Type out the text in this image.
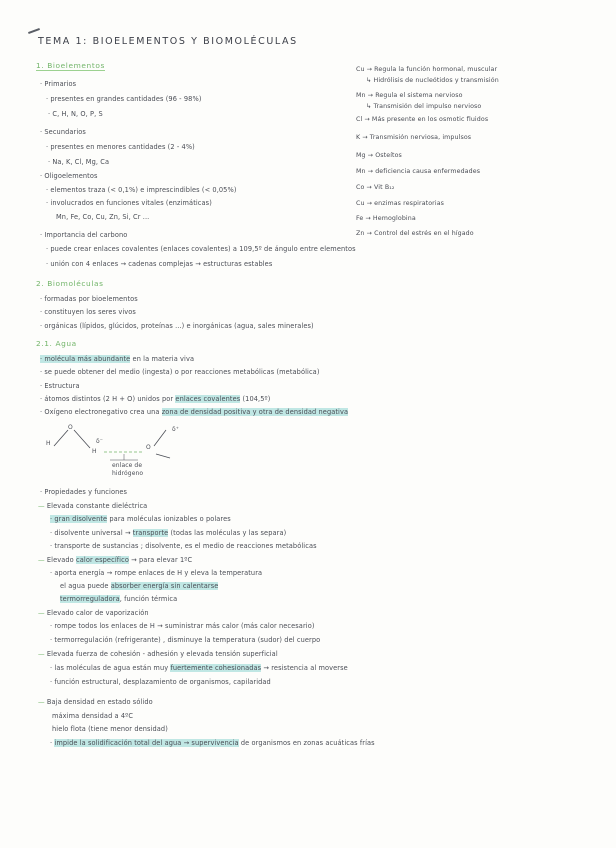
TEMA 1: BIOELEMENTOS Y BIOMOLÉCULAS
1. Bioelementos
· Primarios
· presentes en grandes cantidades (96 - 98%)
· C, H, N, O, P, S
· Secundarios
· presentes en menores cantidades (2 - 4%)
· Na, K, Cl, Mg, Ca
· Oligoelementos
· elementos traza (< 0,1%) e imprescindibles (< 0,05%)
· involucrados en funciones vitales (enzimáticas)
Mn, Fe, Co, Cu, Zn, Si, Cr ...
· Importancia del carbono
· puede crear enlaces covalentes (enlaces covalentes) a 109,5º de ángulo entre elementos
· unión con 4 enlaces → cadenas complejas → estructuras estables
2. Biomoléculas
· formadas por bioelementos
· constituyen los seres vivos
· orgánicas (lípidos, glúcidos, proteínas ...) e inorgánicas (agua, sales minerales)
2.1. Agua
· molécula más abundante en la materia viva
· se puede obtener del medio (ingesta) o por reacciones metabólicas (metabólica)
· Estructura
· átomos distintos (2 H + O) unidos por enlaces covalentes (104,5º)
· Oxígeno electronegativo crea una zona de densidad positiva y otra de densidad negativa
H
O
δ⁻
H
O
δ⁺
enlace de
hidrógeno
· Propiedades y funciones
— Elevada constante dieléctrica
· gran disolvente para moléculas ionizables o polares
· disolvente universal → transporte (todas las moléculas y las separa)
· transporte de sustancias ; disolvente, es el medio de reacciones metabólicas
— Elevado calor específico → para elevar 1ºC
· aporta energía → rompe enlaces de H y eleva la temperatura
el agua puede absorber energía sin calentarse
termorreguladora, función térmica
— Elevado calor de vaporización
· rompe todos los enlaces de H → suministrar más calor (más calor necesario)
· termorregulación (refrigerante) , disminuye la temperatura (sudor) del cuerpo
— Elevada fuerza de cohesión - adhesión y elevada tensión superficial
· las moléculas de agua están muy fuertemente cohesionadas → resistencia al moverse
· función estructural, desplazamiento de organismos, capilaridad
— Baja densidad en estado sólido
máxima densidad a 4ºC
hielo flota (tiene menor densidad)
· impide la solidificación total del agua → supervivencia de organismos en zonas acuáticas frías
Cu → Regula la función hormonal, muscular
↳ Hidrólisis de nucleótidos y transmisión
Mn → Regula el sistema nervioso
↳ Transmisión del impulso nervioso
Cl → Más presente en los osmotic fluidos
K → Transmisión nerviosa, impulsos
Mg → Osteítos
Mn → deficiencia causa enfermedades
Co → Vit B₁₂
Cu → enzimas respiratorias
Fe → Hemoglobina
Zn → Control del estrés en el hígado
